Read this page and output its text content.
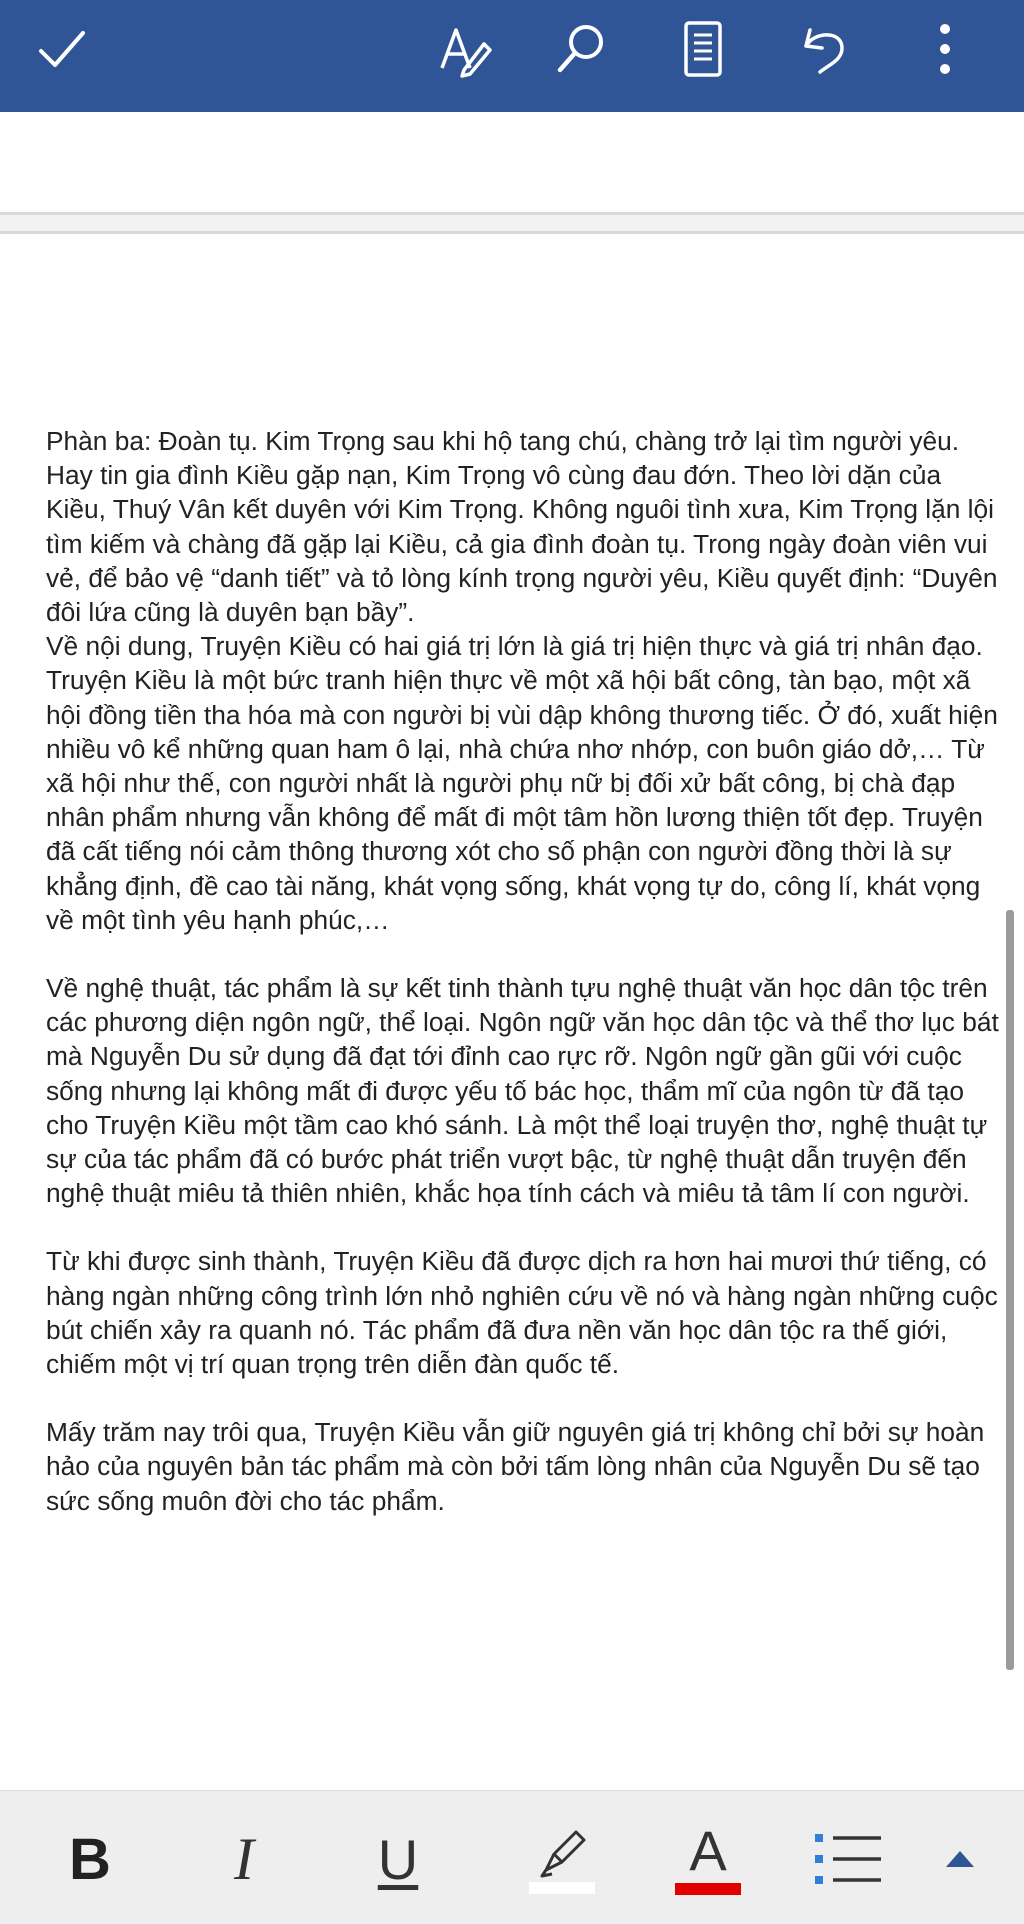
Phàn ba: Đoàn tụ. Kim Trọng sau khi hộ tang chú, chàng trở lại tìm người yêu. Hay tin gia đình Kiều gặp nạn, Kim Trọng vô cùng đau đớn. Theo lời dặn của Kiều, Thuý Vân kết duyên với Kim Trọng. Không nguôi tình xưa, Kim Trọng lặn lội tìm kiếm và chàng đã gặp lại Kiều, cả gia đình đoàn tụ. Trong ngày đoàn viên vui vẻ, để bảo vệ “danh tiết” và tỏ lòng kính trọng người yêu, Kiều quyết định: “Duyên đôi lứa cũng là duyên bạn bầy”.

Về nội dung, Truyện Kiều có hai giá trị lớn là giá trị hiện thực và giá trị nhân đạo. Truyện Kiều là một bức tranh hiện thực về một xã hội bất công, tàn bạo, một xã hội đồng tiền tha hóa mà con người bị vùi dập không thương tiếc. Ở đó, xuất hiện nhiều vô kể những quan ham ô lại, nhà chứa nhơ nhớp, con buôn giáo dở,… Từ xã hội như thế, con người nhất là người phụ nữ bị đối xử bất công, bị chà đạp nhân phẩm nhưng vẫn không để mất đi một tâm hồn lương thiện tốt đẹp. Truyện đã cất tiếng nói cảm thông thương xót cho số phận con người đồng thời là sự khẳng định, đề cao tài năng, khát vọng sống, khát vọng tự do, công lí, khát vọng về một tình yêu hạnh phúc,…

Về nghệ thuật, tác phẩm là sự kết tinh thành tựu nghệ thuật văn học dân tộc trên các phương diện ngôn ngữ, thể loại. Ngôn ngữ văn học dân tộc và thể thơ lục bát mà Nguyễn Du sử dụng đã đạt tới đỉnh cao rực rỡ. Ngôn ngữ gần gũi với cuộc sống nhưng lại không mất đi được yếu tố bác học, thẩm mĩ của ngôn từ đã tạo cho Truyện Kiều một tầm cao khó sánh. Là một thể loại truyện thơ, nghệ thuật tự sự của tác phẩm đã có bước phát triển vượt bậc, từ nghệ thuật dẫn truyện đến nghệ thuật miêu tả thiên nhiên, khắc họa tính cách và miêu tả tâm lí con người.

Từ khi được sinh thành, Truyện Kiều đã được dịch ra hơn hai mươi thứ tiếng, có hàng ngàn những công trình lớn nhỏ nghiên cứu về nó và hàng ngàn những cuộc bút chiến xảy ra quanh nó. Tác phẩm đã đưa nền văn học dân tộc ra thế giới, chiếm một vị trí quan trọng trên diễn đàn quốc tế.

Mấy trăm nay trôi qua, Truyện Kiều vẫn giữ nguyên giá trị không chỉ bởi sự hoàn hảo của nguyên bản tác phẩm mà còn bởi tấm lòng nhân của Nguyễn Du sẽ tạo sức sống muôn đời cho tác phẩm.

B I U	A
